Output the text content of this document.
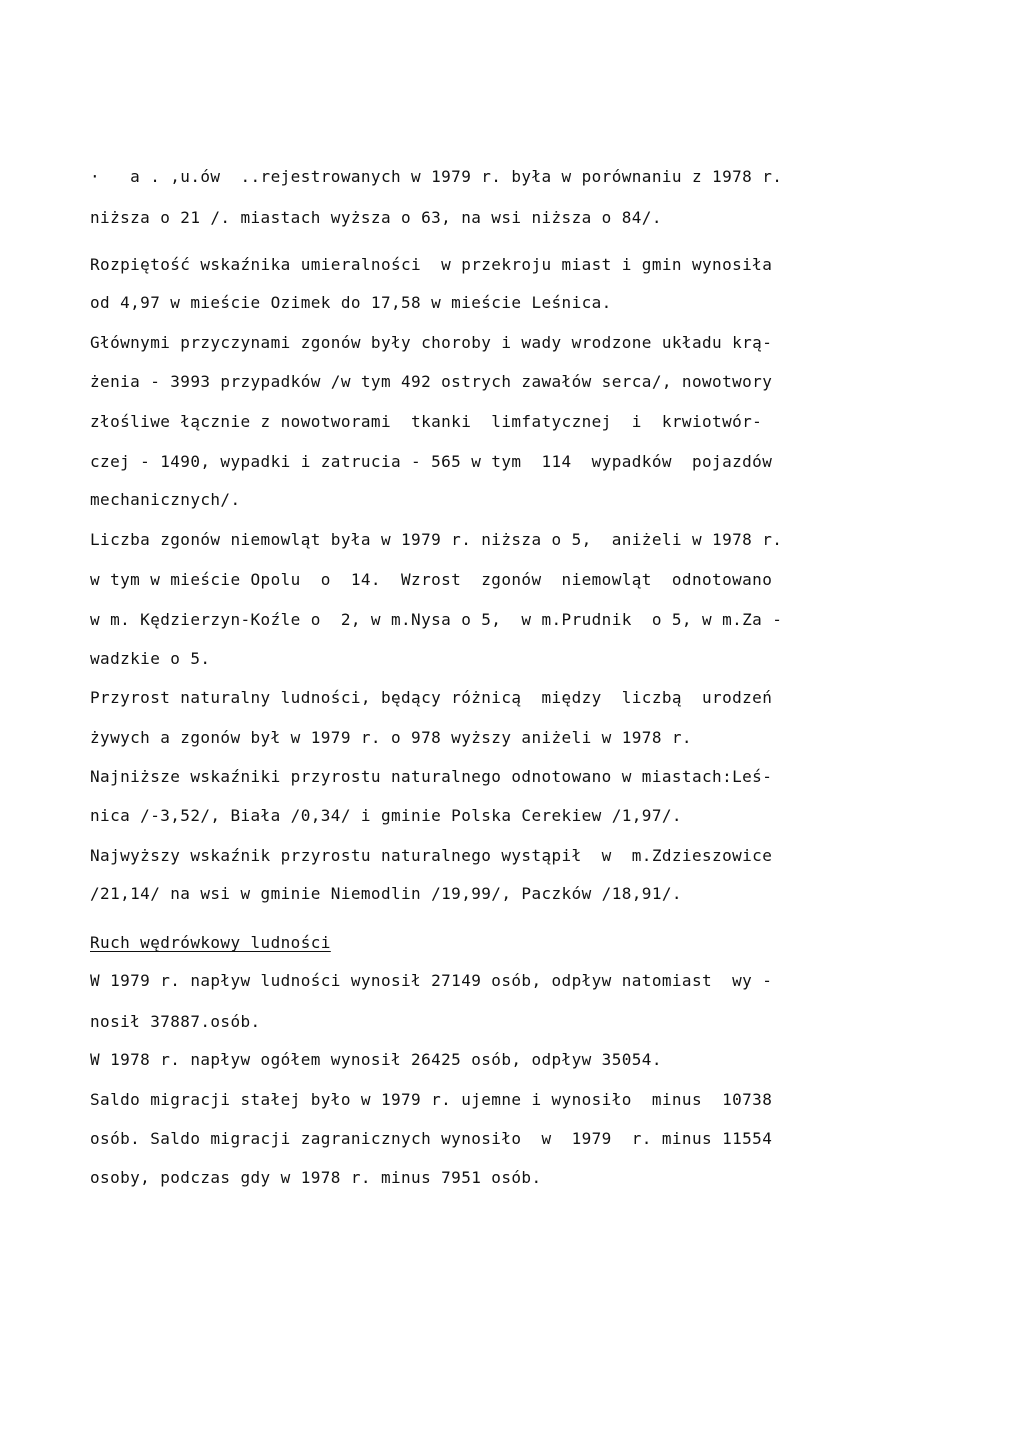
·   a . ,u.ów  ..rejestrowanych w 1979 r. była w porównaniu z 1978 r.
niższa o 21 /. miastach wyższa o 63, na wsi niższa o 84/.
Rozpiętość wskaźnika umieralności  w przekroju miast i gmin wynosiła
od 4,97 w mieście Ozimek do 17,58 w mieście Leśnica.
Głównymi przyczynami zgonów były choroby i wady wrodzone układu krą-
żenia - 3993 przypadków /w tym 492 ostrych zawałów serca/, nowotwory
złośliwe łącznie z nowotworami  tkanki  limfatycznej  i  krwiotwór-
czej - 1490, wypadki i zatrucia - 565 w tym  114  wypadków  pojazdów
mechanicznych/.
Liczba zgonów niemowląt była w 1979 r. niższa o 5,  aniżeli w 1978 r.
w tym w mieście Opolu  o  14.  Wzrost  zgonów  niemowląt  odnotowano
w m. Kędzierzyn-Koźle o  2, w m.Nysa o 5,  w m.Prudnik  o 5, w m.Za -
wadzkie o 5.
Przyrost naturalny ludności, będący różnicą  między  liczbą  urodzeń
żywych a zgonów był w 1979 r. o 978 wyższy aniżeli w 1978 r.
Najniższe wskaźniki przyrostu naturalnego odnotowano w miastach:Leś-
nica /-3,52/, Biała /0,34/ i gminie Polska Cerekiew /1,97/.
Najwyższy wskaźnik przyrostu naturalnego wystąpił  w  m.Zdzieszowice
/21,14/ na wsi w gminie Niemodlin /19,99/, Paczków /18,91/.
Ruch wędrówkowy ludności
W 1979 r. napływ ludności wynosił 27149 osób, odpływ natomiast  wy -
nosił 37887.osób.
W 1978 r. napływ ogółem wynosił 26425 osób, odpływ 35054.
Saldo migracji stałej było w 1979 r. ujemne i wynosiło  minus  10738
osób. Saldo migracji zagranicznych wynosiło  w  1979  r. minus 11554
osoby, podczas gdy w 1978 r. minus 7951 osób.
